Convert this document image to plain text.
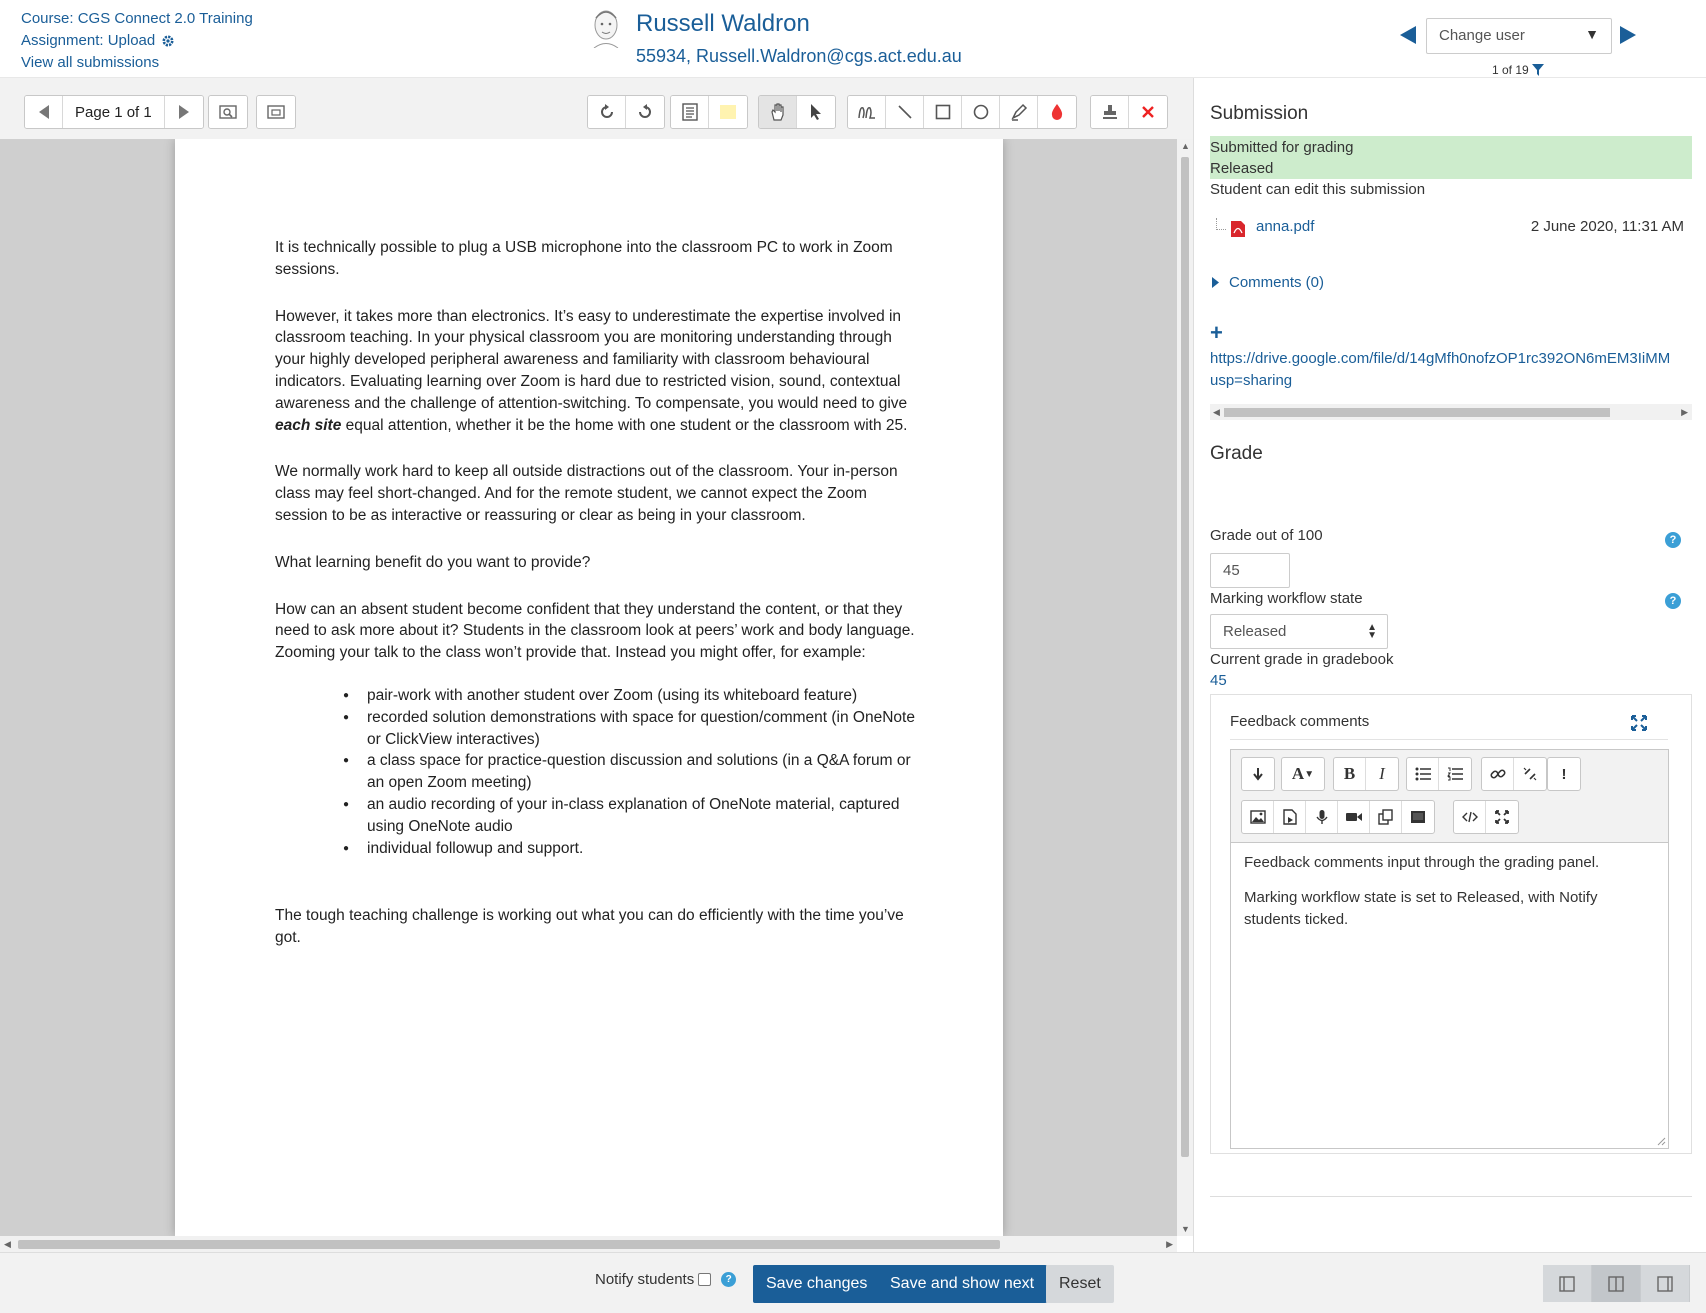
Course: CGS Connect 2.0 Training
Assignment: Upload
View all submissions
Russell Waldron
55934, Russell.Waldron@cgs.act.edu.au
Change user	▼
1 of 19
Page 1 of 1

It is technically possible to plug a USB microphone into the classroom PC to work in Zoom sessions.

However, it takes more than electronics. It’s easy to underestimate the expertise involved in classroom teaching. In your physical classroom you are monitoring understanding through your highly developed peripheral awareness and familiarity with classroom behavioural indicators. Evaluating learning over Zoom is hard due to restricted vision, sound, contextual awareness and the challenge of attention-switching. To compensate, you would need to give each site equal attention, whether it be the home with one student or the classroom with 25.

We normally work hard to keep all outside distractions out of the classroom. Your in-person class may feel short-changed. And for the remote student, we cannot expect the Zoom session to be as interactive or reassuring or clear as being in your classroom.

What learning benefit do you want to provide?

How can an absent student become confident that they understand the content, or that they need to ask more about it? Students in the classroom look at peers’ work and body language. Zooming your talk to the class won’t provide that. Instead you might offer, for example:

● pair-work with another student over Zoom (using its whiteboard feature)
● recorded solution demonstrations with space for question/comment (in OneNote or ClickView interactives)
● a class space for practice-question discussion and solutions (in a Q&A forum or an open Zoom meeting)
● an audio recording of your in-class explanation of OneNote material, captured using OneNote audio
● individual followup and support.

The tough teaching challenge is working out what you can do efficiently with the time you’ve got.

▲
▼
◀	▶
Submission
Submitted for grading
Released
Student can edit this submission
anna.pdf	2 June 2020, 11:31 AM
Comments (0)
+
https://drive.google.com/file/d/14gMfh0nofzOP1rc392ON6mEM3IiMM
usp=sharing
◀	▶
Grade
Grade out of 100
45
Marking workflow state
Released	▲
▼
Current grade in gradebook
45
Feedback comments
A ▼	B	I	!

Feedback comments input through the grading panel.

Marking workflow state is set to Released, with Notify students ticked.

?
?
Notify students	?	Save changes	Save and show next	Reset
